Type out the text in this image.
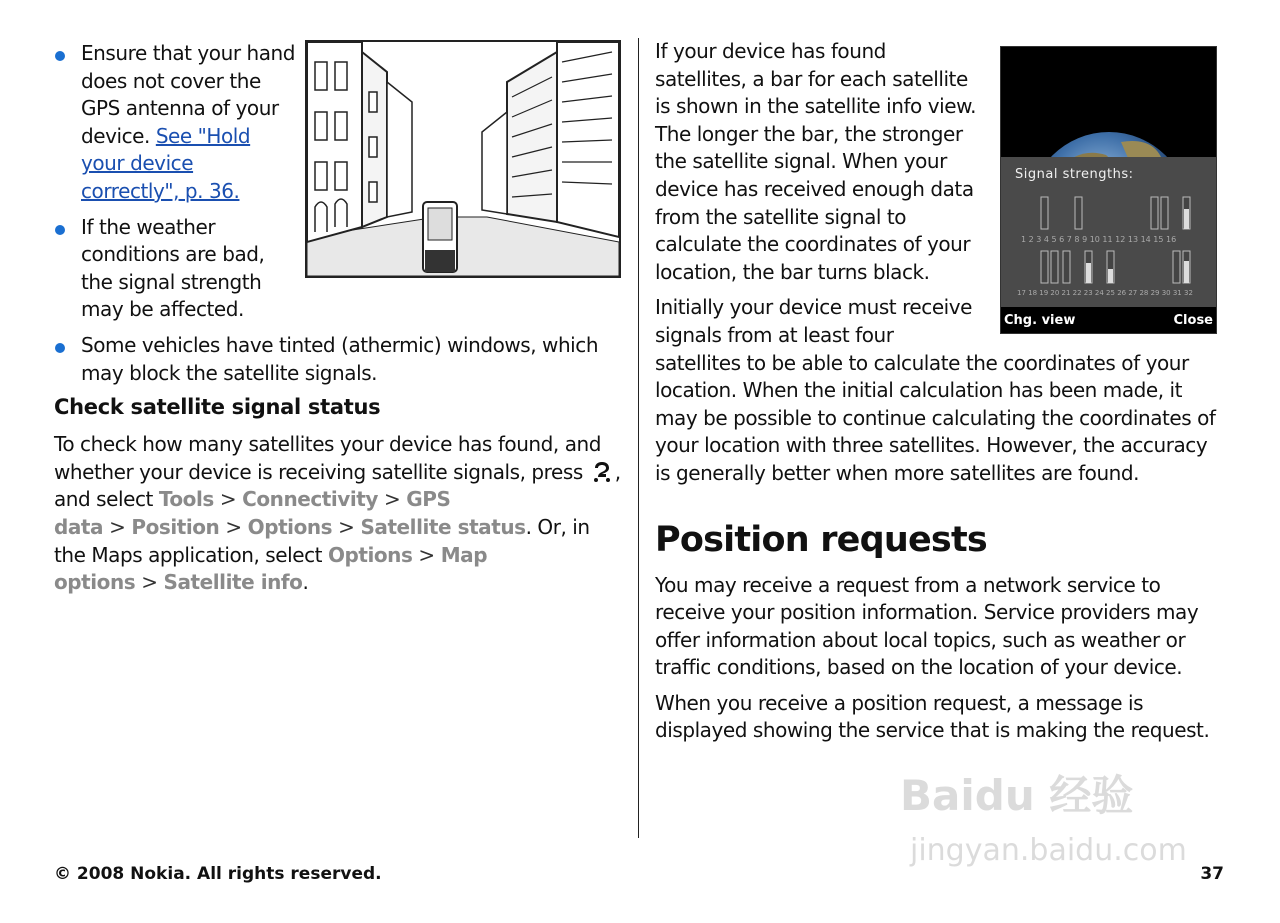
Ensure that your hand does not cover the GPS antenna of your device. See "Hold your device correctly", p. 36.
If the weather conditions are bad, the signal strength may be affected.
Some vehicles have tinted (athermic) windows, which may block the satellite signals.
Check satellite signal status

To check how many satellites your device has found, and whether your device is receiving satellite signals, press , and select Tools > Connectivity > GPS data > Position > Options > Satellite status. Or, in the Maps application, select Options > Map options > Satellite info.

Signal strengths:
1 2 3 4 5 6 7 8 9 10 11 12 13 14 15 16
17 18 19 20 21 22 23 24 25 26 27 28 29 30 31 32
Chg. view	Close

If your device has found satellites, a bar for each satellite is shown in the satellite info view. The longer the bar, the stronger the satellite signal. When your device has received enough data from the satellite signal to calculate the coordinates of your location, the bar turns black.

Initially your device must receive signals from at least four

satellites to be able to calculate the coordinates of your location. When the initial calculation has been made, it may be possible to continue calculating the coordinates of your location with three satellites. However, the accuracy is generally better when more satellites are found.

Position requests

You may receive a request from a network service to receive your position information. Service providers may offer information about local topics, such as weather or traffic conditions, based on the location of your device.

When you receive a position request, a message is displayed showing the service that is making the request.

Baidu 经验
jingyan.baidu.com
© 2008 Nokia. All rights reserved.	37
